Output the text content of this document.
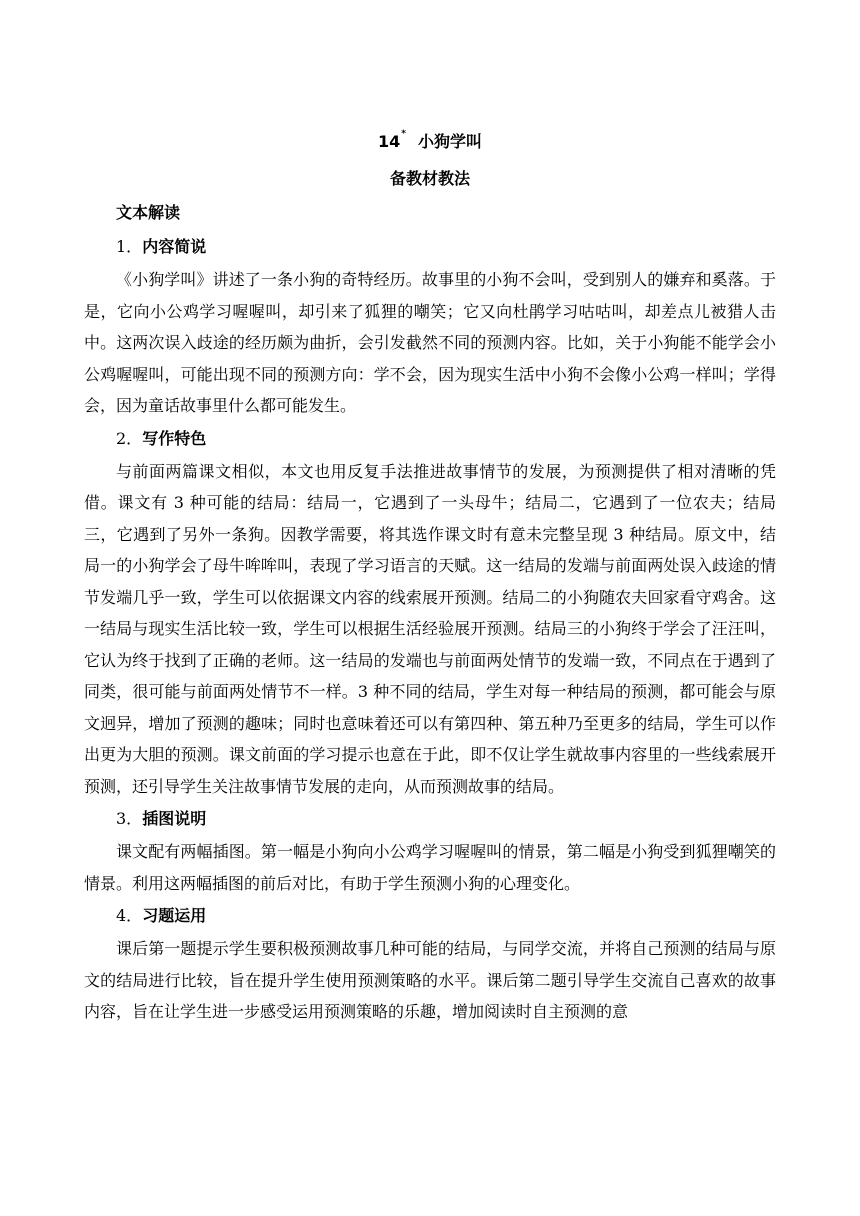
14* 小狗学叫
备教材教法
文本解读
1．内容简说

《小狗学叫》讲述了一条小狗的奇特经历。故事里的小狗不会叫，受到别人的嫌弃和奚落。于是，它向小公鸡学习喔喔叫，却引来了狐狸的嘲笑；它又向杜鹃学习咕咕叫，却差点儿被猎人击中。这两次误入歧途的经历颇为曲折，会引发截然不同的预测内容。比如，关于小狗能不能学会小公鸡喔喔叫，可能出现不同的预测方向：学不会，因为现实生活中小狗不会像小公鸡一样叫；学得会，因为童话故事里什么都可能发生。

2．写作特色

与前面两篇课文相似，本文也用反复手法推进故事情节的发展，为预测提供了相对清晰的凭借。课文有 3 种可能的结局：结局一，它遇到了一头母牛；结局二，它遇到了一位农夫；结局三，它遇到了另外一条狗。因教学需要，将其选作课文时有意未完整呈现 3 种结局。原文中，结局一的小狗学会了母牛哞哞叫，表现了学习语言的天赋。这一结局的发端与前面两处误入歧途的情节发端几乎一致，学生可以依据课文内容的线索展开预测。结局二的小狗随农夫回家看守鸡舍。这一结局与现实生活比较一致，学生可以根据生活经验展开预测。结局三的小狗终于学会了汪汪叫，它认为终于找到了正确的老师。这一结局的发端也与前面两处情节的发端一致，不同点在于遇到了同类，很可能与前面两处情节不一样。3 种不同的结局，学生对每一种结局的预测，都可能会与原文迥异，增加了预测的趣味；同时也意味着还可以有第四种、第五种乃至更多的结局，学生可以作出更为大胆的预测。课文前面的学习提示也意在于此，即不仅让学生就故事内容里的一些线索展开预测，还引导学生关注故事情节发展的走向，从而预测故事的结局。

3．插图说明

课文配有两幅插图。第一幅是小狗向小公鸡学习喔喔叫的情景，第二幅是小狗受到狐狸嘲笑的情景。利用这两幅插图的前后对比，有助于学生预测小狗的心理变化。

4．习题运用

课后第一题提示学生要积极预测故事几种可能的结局，与同学交流，并将自己预测的结局与原文的结局进行比较，旨在提升学生使用预测策略的水平。课后第二题引导学生交流自己喜欢的故事内容，旨在让学生进一步感受运用预测策略的乐趣，增加阅读时自主预测的意
